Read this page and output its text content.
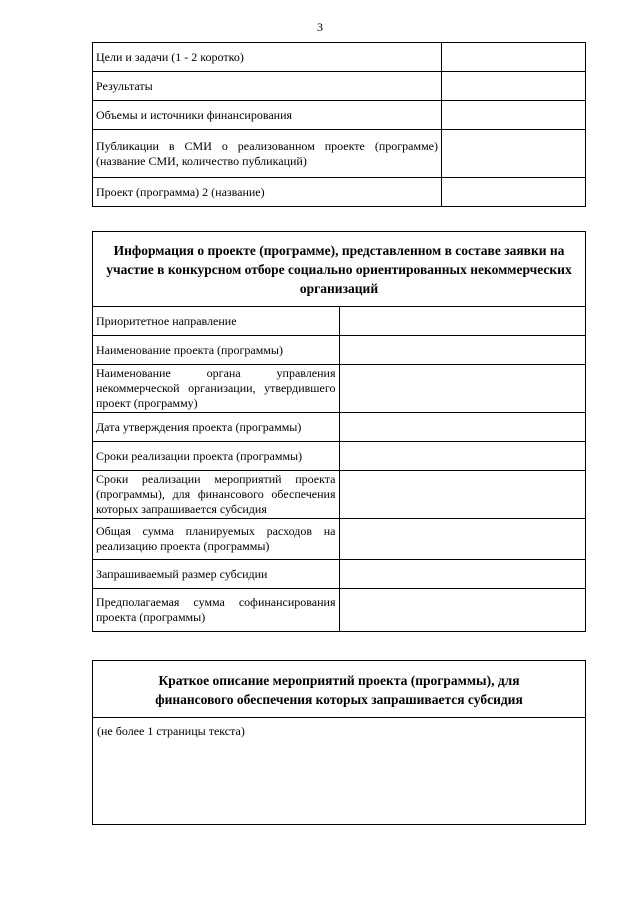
3
Цели и задачи (1 - 2 коротко)	
Результаты	
Объемы и источники финансирования	
Публикации в СМИ о реализованном проекте (программе) (название СМИ, количество публикаций)	
Проект (программа) 2 (название)	
Информация о проекте (программе), представленном в составе заявки на участие в конкурсном отборе социально ориентированных некоммерческих организаций	
Приоритетное направление	
Наименование проекта (программы)	
Наименование органа управления некоммерческой организации, утвердившего проект (программу)	
Дата утверждения проекта (программы)	
Сроки реализации проекта (программы)	
Сроки реализации мероприятий проекта (программы), для финансового обеспечения которых запрашивается субсидия	
Общая сумма планируемых расходов на реализацию проекта (программы)	
Запрашиваемый размер субсидии	
Предполагаемая сумма софинансирования проекта (программы)	
Краткое описание мероприятий проекта (программы), для финансового обеспечения которых запрашивается субсидия
(не более 1 страницы текста)
